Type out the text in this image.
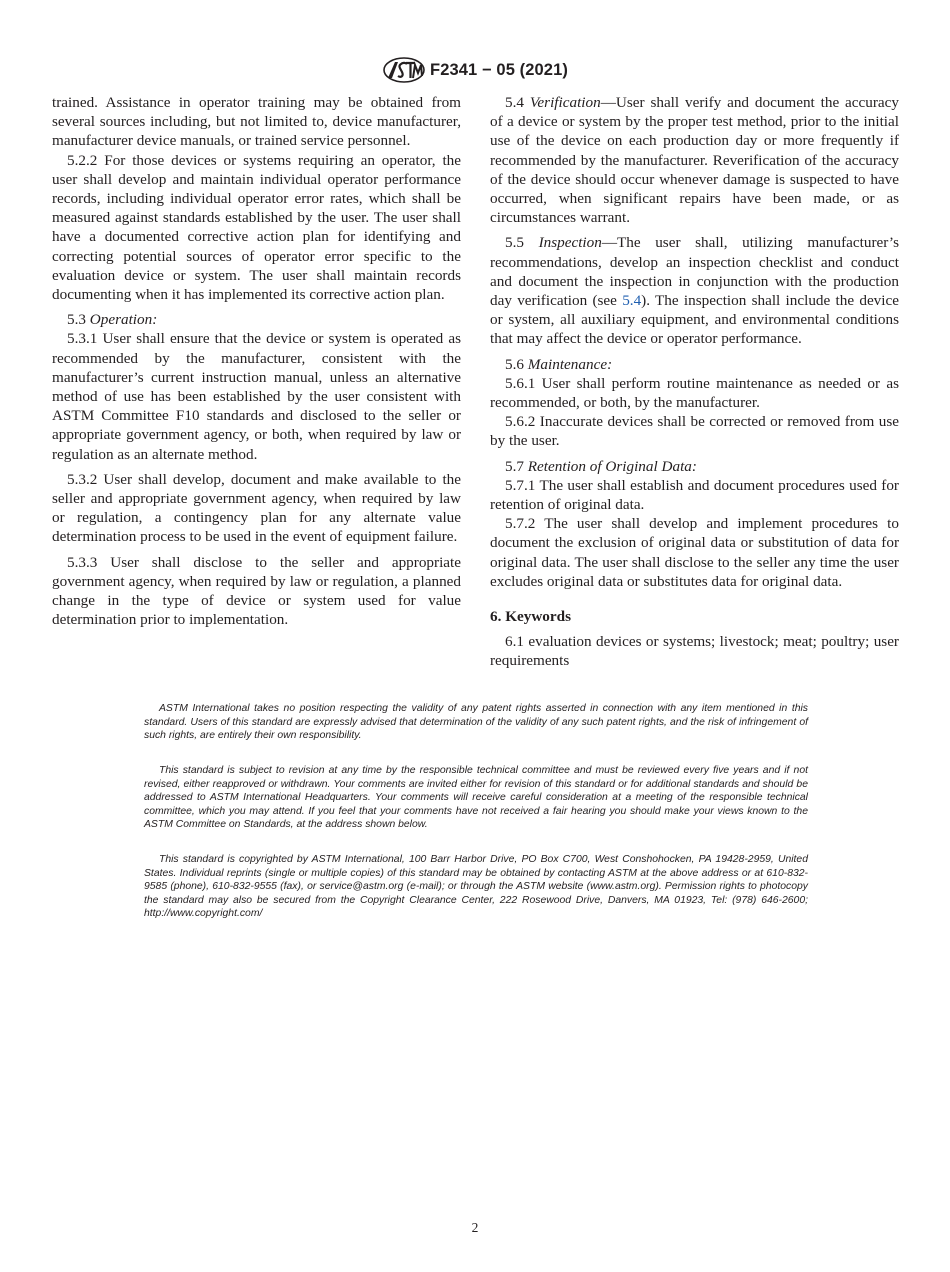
F2341 − 05 (2021)

trained. Assistance in operator training may be obtained from several sources including, but not limited to, device manufacturer, manufacturer device manuals, or trained service personnel.

5.2.2 For those devices or systems requiring an operator, the user shall develop and maintain individual operator performance records, including individual operator error rates, which shall be measured against standards established by the user. The user shall have a documented corrective action plan for identifying and correcting potential sources of operator error specific to the evaluation device or system. The user shall maintain records documenting when it has implemented its corrective action plan.

5.3 Operation:

5.3.1 User shall ensure that the device or system is operated as recommended by the manufacturer, consistent with the manufacturer’s current instruction manual, unless an alternative method of use has been established by the user consistent with ASTM Committee F10 standards and disclosed to the seller or appropriate government agency, or both, when required by law or regulation as an alternate method.

5.3.2 User shall develop, document and make available to the seller and appropriate government agency, when required by law or regulation, a contingency plan for any alternate value determination process to be used in the event of equipment failure.

5.3.3 User shall disclose to the seller and appropriate government agency, when required by law or regulation, a planned change in the type of device or system used for value determination prior to implementation.

5.4 Verification—User shall verify and document the accuracy of a device or system by the proper test method, prior to the initial use of the device on each production day or more frequently if recommended by the manufacturer. Reverification of the accuracy of the device should occur whenever damage is suspected to have occurred, when significant repairs have been made, or as circumstances warrant.

5.5 Inspection—The user shall, utilizing manufacturer’s recommendations, develop an inspection checklist and conduct and document the inspection in conjunction with the production day verification (see 5.4). The inspection shall include the device or system, all auxiliary equipment, and environmental conditions that may affect the device or operator performance.

5.6 Maintenance:

5.6.1 User shall perform routine maintenance as needed or as recommended, or both, by the manufacturer.

5.6.2 Inaccurate devices shall be corrected or removed from use by the user.

5.7 Retention of Original Data:

5.7.1 The user shall establish and document procedures used for retention of original data.

5.7.2 The user shall develop and implement procedures to document the exclusion of original data or substitution of data for original data. The user shall disclose to the seller any time the user excludes original data or substitutes data for original data.

6. Keywords

6.1 evaluation devices or systems; livestock; meat; poultry; user requirements

ASTM International takes no position respecting the validity of any patent rights asserted in connection with any item mentioned in this standard. Users of this standard are expressly advised that determination of the validity of any such patent rights, and the risk of infringement of such rights, are entirely their own responsibility.

This standard is subject to revision at any time by the responsible technical committee and must be reviewed every five years and if not revised, either reapproved or withdrawn. Your comments are invited either for revision of this standard or for additional standards and should be addressed to ASTM International Headquarters. Your comments will receive careful consideration at a meeting of the responsible technical committee, which you may attend. If you feel that your comments have not received a fair hearing you should make your views known to the ASTM Committee on Standards, at the address shown below.

This standard is copyrighted by ASTM International, 100 Barr Harbor Drive, PO Box C700, West Conshohocken, PA 19428-2959, United States. Individual reprints (single or multiple copies) of this standard may be obtained by contacting ASTM at the above address or at 610-832-9585 (phone), 610-832-9555 (fax), or service@astm.org (e-mail); or through the ASTM website (www.astm.org). Permission rights to photocopy the standard may also be secured from the Copyright Clearance Center, 222 Rosewood Drive, Danvers, MA 01923, Tel: (978) 646-2600; http://www.copyright.com/

2
